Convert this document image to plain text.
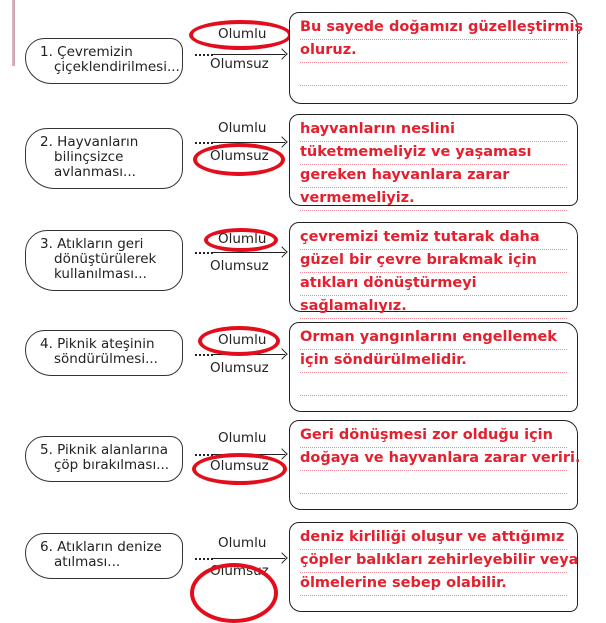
1. Çevremizin
çiçeklendirilmesi...
Olumlu
Olumsuz
Bu sayede doğamızı güzelleştirmiş
oluruz.
2. Hayvanların
bilinçsizce
avlanması...
Olumlu
Olumsuz
hayvanların neslini
tüketmemeliyiz ve yaşaması
gereken hayvanlara zarar
vermemeliyiz.
3. Atıkların geri
dönüştürülerek
kullanılması...
Olumlu
Olumsuz
çevremizi temiz tutarak daha
güzel bir çevre bırakmak için
atıkları dönüştürmeyi
sağlamalıyız.
4. Piknik ateşinin
söndürülmesi...
Olumlu
Olumsuz
Orman yangınlarını engellemek
için söndürülmelidir.
5. Piknik alanlarına
çöp bırakılması...
Olumlu
Olumsuz
Geri dönüşmesi zor olduğu için
doğaya ve hayvanlara zarar veriri.
6. Atıkların denize
atılması...
Olumlu
Olumsuz
deniz kirliliği oluşur ve attığımız
çöpler balıkları zehirleyebilir veya
ölmelerine sebep olabilir.
